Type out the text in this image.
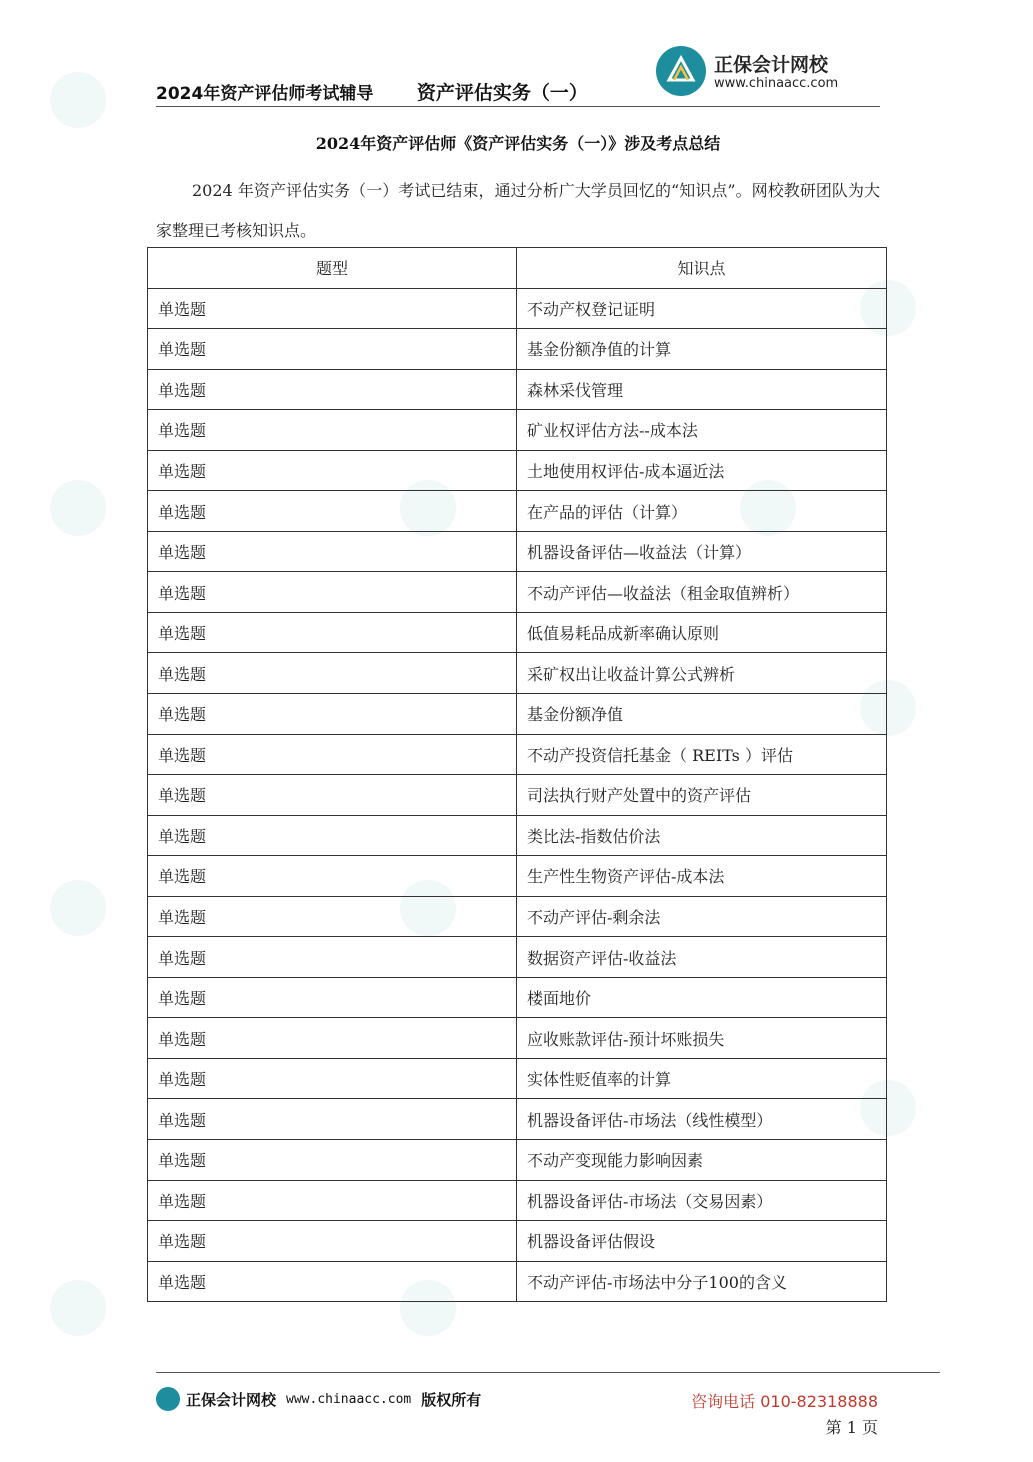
2024年资产评估师考试辅导 资产评估实务（一）
正保会计网校
www.chinaacc.com
2024年资产评估师《资产评估实务（一）》涉及考点总结
2024 年资产评估实务（一）考试已结束，通过分析广大学员回忆的“知识点”。网校教研团队为大家整理已考核知识点。
题型	知识点
单选题	不动产权登记证明
单选题	基金份额净值的计算
单选题	森林采伐管理
单选题	矿业权评估方法--成本法
单选题	土地使用权评估-成本逼近法
单选题	在产品的评估（计算）
单选题	机器设备评估—收益法（计算）
单选题	不动产评估—收益法（租金取值辨析）
单选题	低值易耗品成新率确认原则
单选题	采矿权出让收益计算公式辨析
单选题	基金份额净值
单选题	不动产投资信托基金（ REITs ）评估
单选题	司法执行财产处置中的资产评估
单选题	类比法-指数估价法
单选题	生产性生物资产评估-成本法
单选题	不动产评估-剩余法
单选题	数据资产评估-收益法
单选题	楼面地价
单选题	应收账款评估-预计坏账损失
单选题	实体性贬值率的计算
单选题	机器设备评估-市场法（线性模型）
单选题	不动产变现能力影响因素
单选题	机器设备评估-市场法（交易因素）
单选题	机器设备评估假设
单选题	不动产评估-市场法中分子100的含义
正保会计网校 www.chinaacc.com 版权所有	咨询电话 010-82318888
第 1 页
